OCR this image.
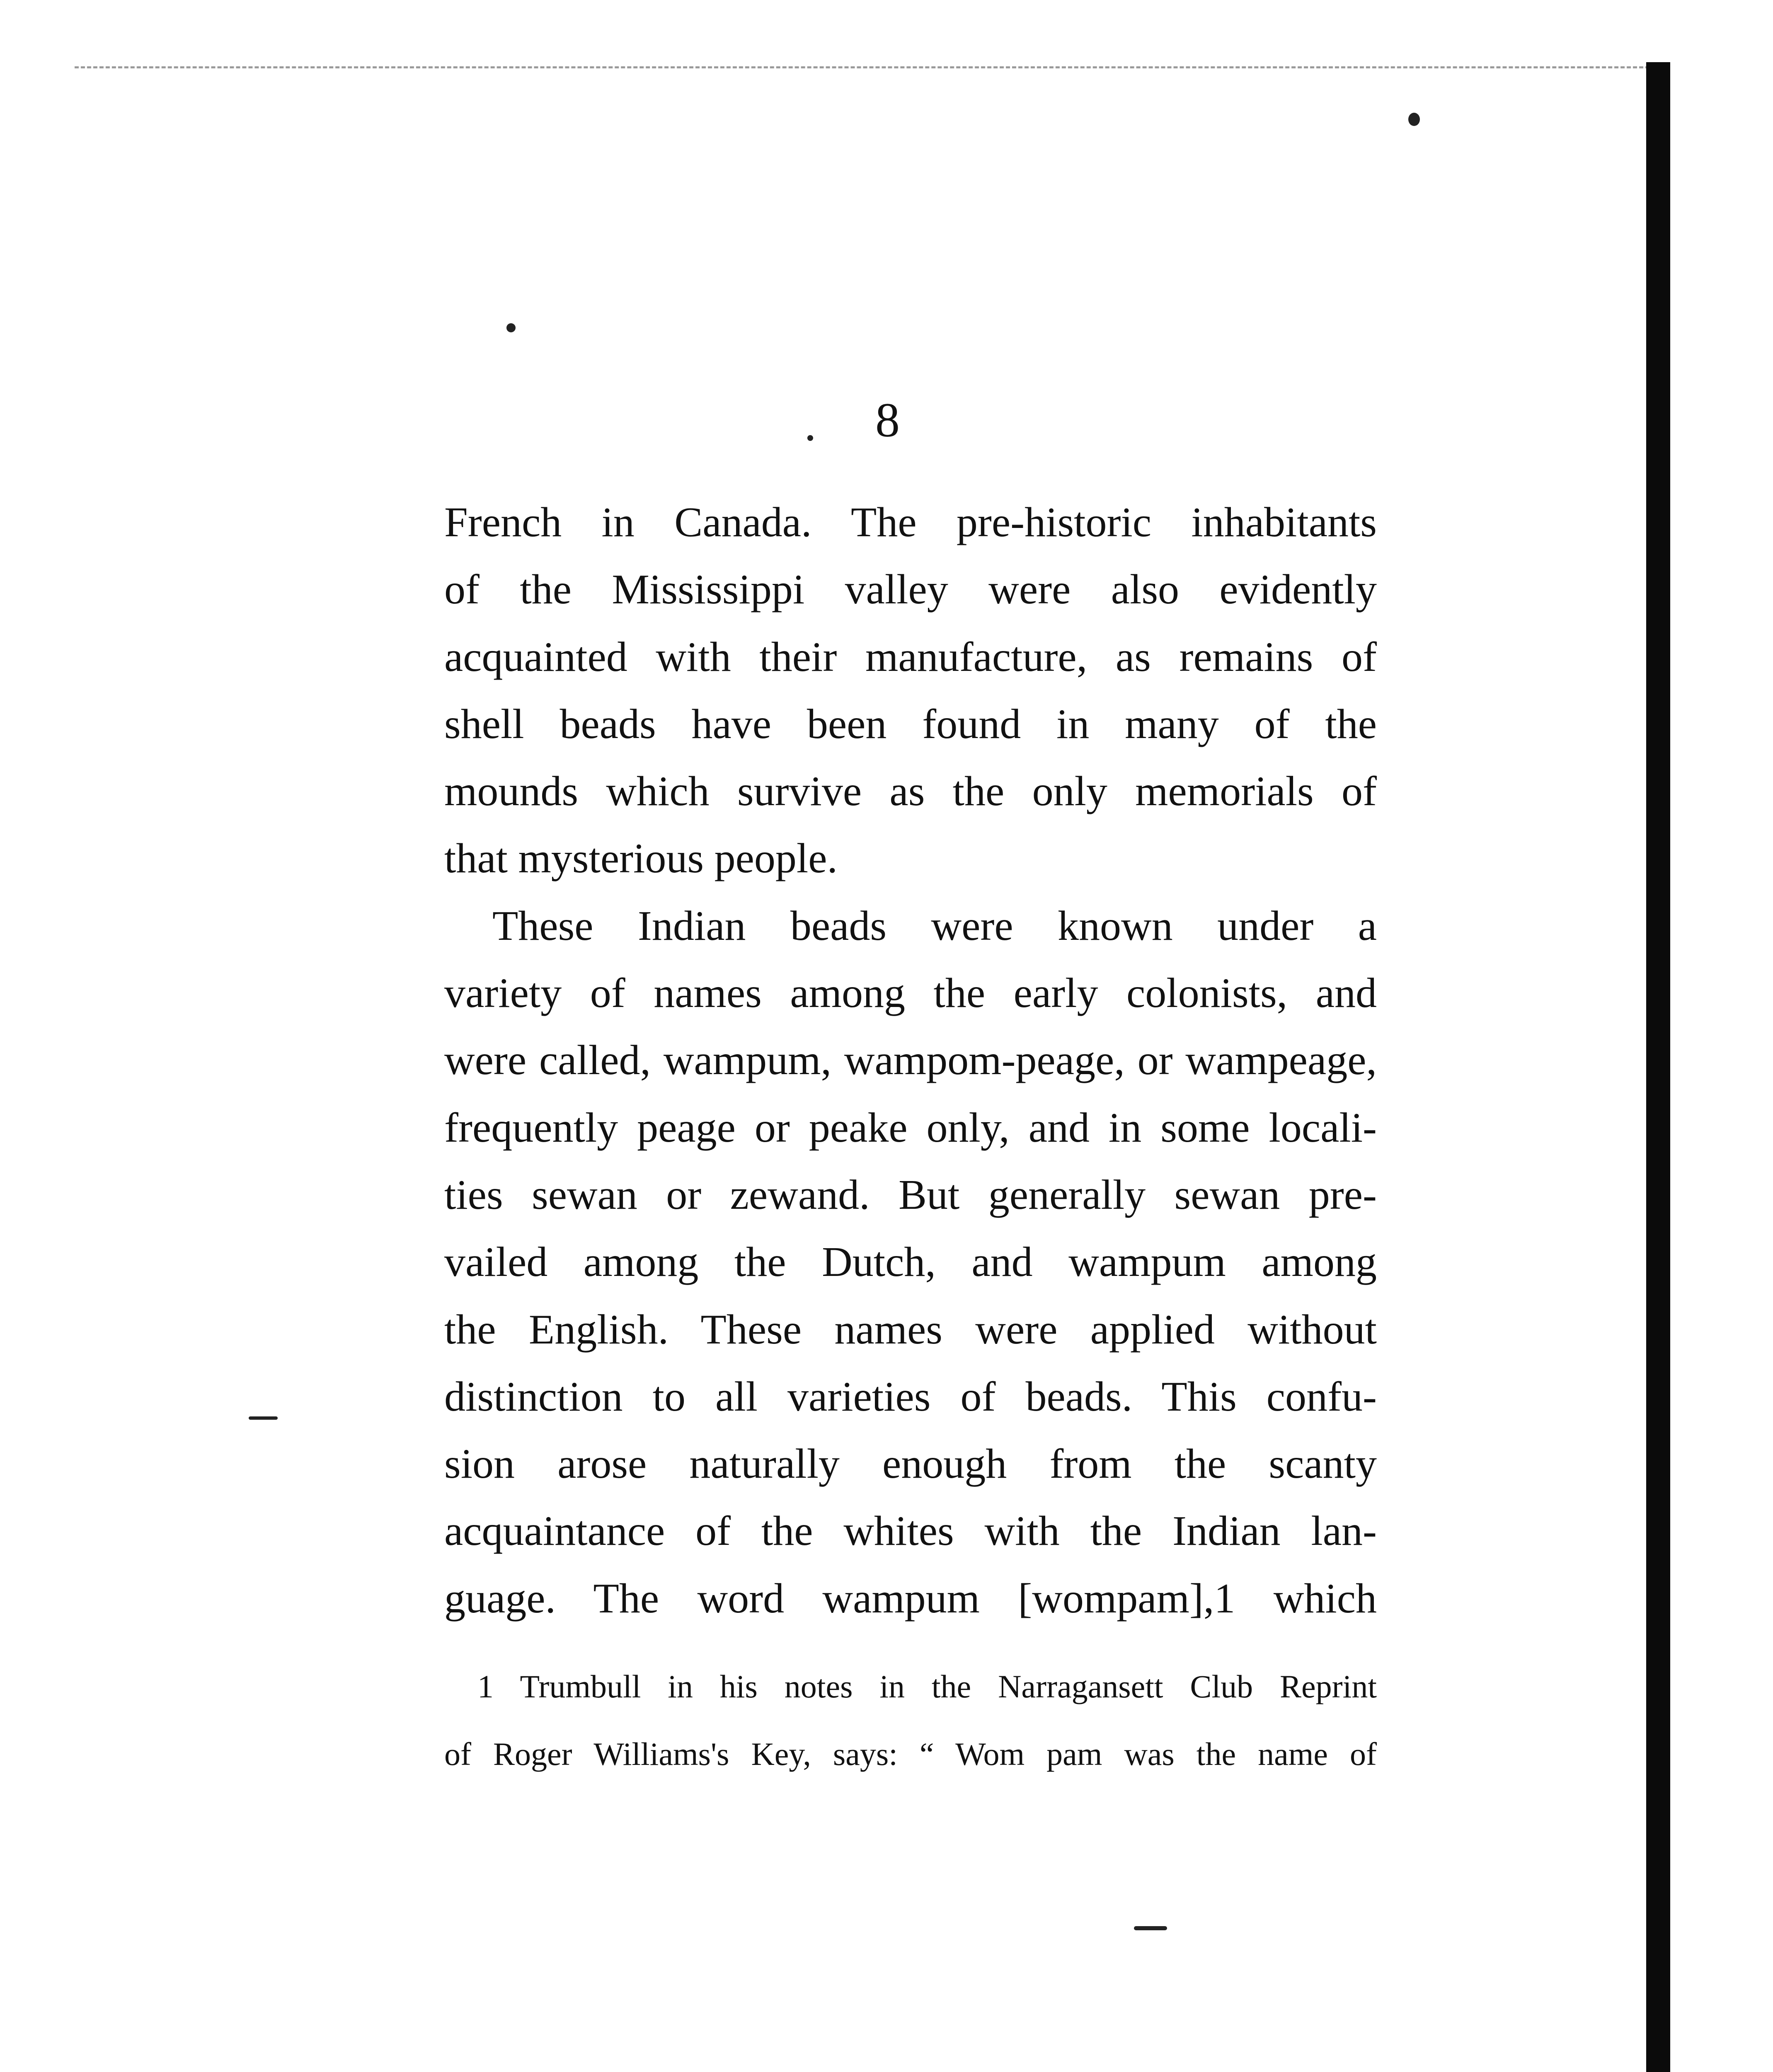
8
French in Canada. The pre-historic inhabitants
of the Mississippi valley were also evidently
acquainted with their manufacture, as remains of
shell beads have been found in many of the
mounds which survive as the only memorials of
that mysterious people.
These Indian beads were known under a
variety of names among the early colonists, and
were called, wampum, wampom-peage, or wampeage,
frequently peage or peake only, and in some locali-
ties sewan or zewand. But generally sewan pre-
vailed among the Dutch, and wampum among
the English. These names were applied without
distinction to all varieties of beads. This confu-
sion arose naturally enough from the scanty
acquaintance of the whites with the Indian lan-
guage. The word wampum [wompam],1 which
1 Trumbull in his notes in the Narragansett Club Reprint
of Roger Williams's Key, says: “ Wom pam was the name of
